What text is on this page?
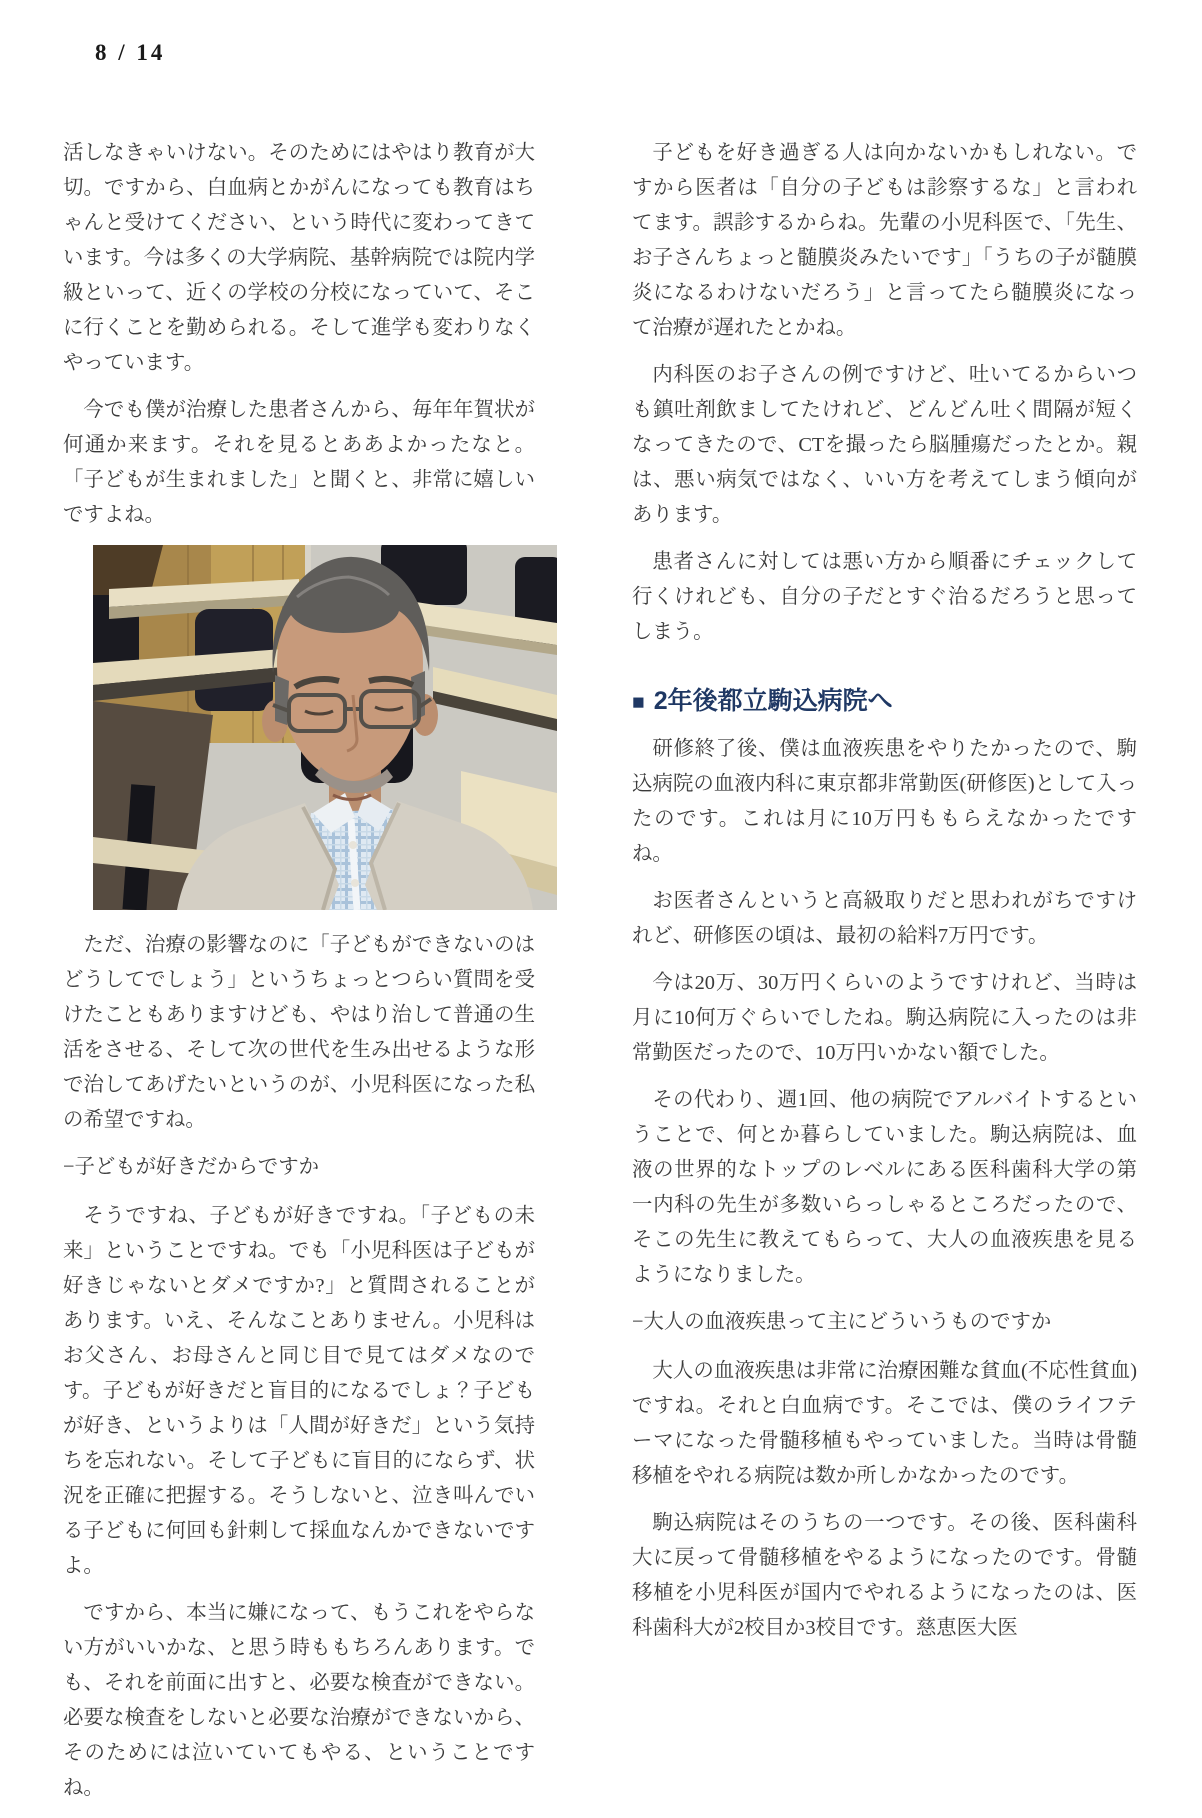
8 / 14

活しなきゃいけない。そのためにはやはり教育が大切。ですから、白血病とかがんになっても教育はちゃんと受けてください、という時代に変わってきています。今は多くの大学病院、基幹病院では院内学級といって、近くの学校の分校になっていて、そこに行くことを勤められる。そして進学も変わりなくやっています。

今でも僕が治療した患者さんから、毎年年賀状が何通か来ます。それを見るとああよかったなと。「子どもが生まれました」と聞くと、非常に嬉しいですよね。

ただ、治療の影響なのに「子どもができないのはどうしてでしょう」というちょっとつらい質問を受けたこともありますけども、やはり治して普通の生活をさせる、そして次の世代を生み出せるような形で治してあげたいというのが、小児科医になった私の希望ですね。

−子どもが好きだからですか

そうですね、子どもが好きですね。「子どもの未来」ということですね。でも「小児科医は子どもが好きじゃないとダメですか?」と質問されることがあります。いえ、そんなことありません。小児科はお父さん、お母さんと同じ目で見てはダメなのです。子どもが好きだと盲目的になるでしょ？子どもが好き、というよりは「人間が好きだ」という気持ちを忘れない。そして子どもに盲目的にならず、状況を正確に把握する。そうしないと、泣き叫んでいる子どもに何回も針刺して採血なんかできないですよ。

ですから、本当に嫌になって、もうこれをやらない方がいいかな、と思う時ももちろんあります。でも、それを前面に出すと、必要な検査ができない。必要な検査をしないと必要な治療ができないから、そのためには泣いていてもやる、ということですね。

子どもを好き過ぎる人は向かないかもしれない。ですから医者は「自分の子どもは診察するな」と言われてます。誤診するからね。先輩の小児科医で、「先生、お子さんちょっと髄膜炎みたいです」「うちの子が髄膜炎になるわけないだろう」と言ってたら髄膜炎になって治療が遅れたとかね。

内科医のお子さんの例ですけど、吐いてるからいつも鎮吐剤飲ましてたけれど、どんどん吐く間隔が短くなってきたので、CTを撮ったら脳腫瘍だったとか。親は、悪い病気ではなく、いい方を考えてしまう傾向があります。

患者さんに対しては悪い方から順番にチェックして行くけれども、自分の子だとすぐ治るだろうと思ってしまう。

■ 2年後都立駒込病院へ

研修終了後、僕は血液疾患をやりたかったので、駒込病院の血液内科に東京都非常勤医(研修医)として入ったのです。これは月に10万円ももらえなかったですね。

お医者さんというと高級取りだと思われがちですけれど、研修医の頃は、最初の給料7万円です。

今は20万、30万円くらいのようですけれど、当時は月に10何万ぐらいでしたね。駒込病院に入ったのは非常勤医だったので、10万円いかない額でした。

その代わり、週1回、他の病院でアルバイトするということで、何とか暮らしていました。駒込病院は、血液の世界的なトップのレベルにある医科歯科大学の第一内科の先生が多数いらっしゃるところだったので、そこの先生に教えてもらって、大人の血液疾患を見るようになりました。

−大人の血液疾患って主にどういうものですか

大人の血液疾患は非常に治療困難な貧血(不応性貧血)ですね。それと白血病です。そこでは、僕のライフテーマになった骨髄移植もやっていました。当時は骨髄移植をやれる病院は数か所しかなかったのです。

駒込病院はそのうちの一つです。その後、医科歯科大に戻って骨髄移植をやるようになったのです。骨髄移植を小児科医が国内でやれるようになったのは、医科歯科大が2校目か3校目です。慈恵医大医
